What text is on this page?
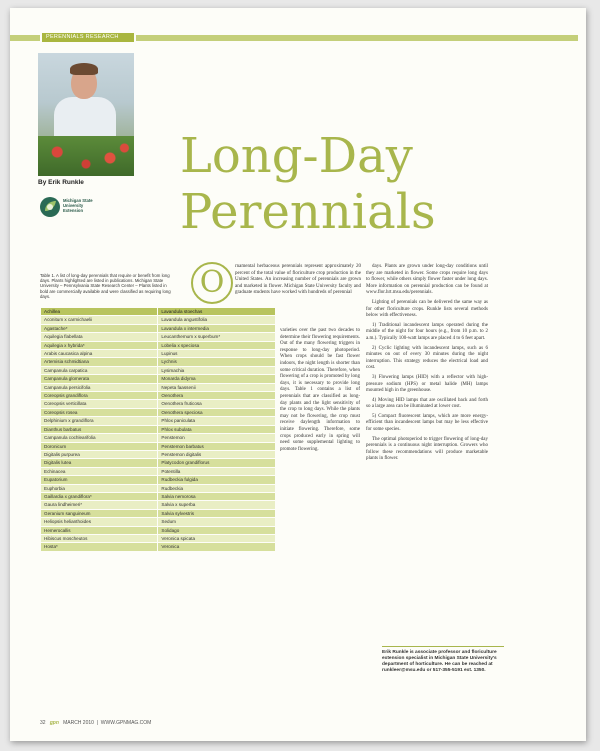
PERENNIALS RESEARCH
By Erik Runkle
Michigan State
University
Extension
Long-Day
Perennials
Table 1. A list of long-day perennials that require or benefit from long days. Plants highlighted are listed in publications. Michigan State University – Pennsylvania State Research Center – Plants listed in bold are commercially available and were classified as requiring long days.
Achillea	Lavandula stoechas
Aconitum x carmichaelii	Lavandula angustifolia
Agastache*	Lavandula x intermedia
Aquilegia flabellata	Leucanthemum x superbum*
Aquilegia x hybrida*	Lobelia x speciosa
Arabis caucasica alpina	Lupinus
Artemisia schmidtiana	Lychnis
Campanula carpatica	Lysimachia
Campanula glomerata	Monarda didyma
Campanula persicifolia	Nepeta faassenii
Coreopsis grandiflora	Oenothera
Coreopsis verticillata	Oenothera fruticosa
Coreopsis rosea	Oenothera speciosa
Delphinium x grandiflora	Phlox paniculata
Dianthus barbatus	Phlox subulata
Campanula cochlearifolia	Penstemon
Doronicum	Penstemon barbatus
Digitalis purpurea	Penstemon digitalis
Digitalis lutea	Platycodon grandiflorus
Echinacea	Potentilla
Eupatorium	Rudbeckia fulgida
Euphorbia	Rudbeckia
Gaillardia x grandiflora*	Salvia nemorosa
Gaura lindheimeri*	Salvia x superba
Geranium sanguineum	Salvia sylvestris
Heliopsis helianthoides	Sedum
Hemerocallis	Solidago
Hibiscus moscheutos	Veronica spicata
Hosta*	Veronica
O	rnamental herbaceous perennials represent approximately 20 percent of the total value of floriculture crop production in the United States. An increasing number of perennials are grown and marketed in flower. Michigan State University faculty and graduate students have worked with hundreds of perennial

varieties over the past two decades to determine their flowering requirements. Out of the many flowering triggers in response to long-day photoperiod. When crops should be fast flower indoors, the night length is shorter than some critical duration. Therefore, when flowering of a crop is promoted by long days, it is necessary to provide long days. Table 1 contains a list of perennials that are classified as long-day plants and the light sensitivity of the crop to long days. While the plants may not be flowering, the crop must receive daylength information to initiate flowering. Therefore, some crops produced early in spring will need some supplemental lighting to promote flowering.

days. Plants are grown under long-day conditions until they are marketed in flower. Some crops require long days to flower, while others simply flower faster under long days. More information on perennial production can be found at www.flor.hrt.msu.edu/perennials.

Lighting of perennials can be delivered the same way as for other floriculture crops. Runkle lists several methods below with effectiveness.

1) Traditional incandescent lamps operated during the middle of the night for four hours (e.g., from 10 p.m. to 2 a.m.). Typically 100-watt lamps are placed 4 to 6 feet apart.

2) Cyclic lighting with incandescent lamps, such as 6 minutes on out of every 30 minutes during the night interruption. This strategy reduces the electrical load and cost.

3) Flowering lamps (HID) with a reflector with high-pressure sodium (HPS) or metal halide (MH) lamps mounted high in the greenhouse.

4) Moving HID lamps that are oscillated back and forth so a large area can be illuminated at lower cost.

5) Compact fluorescent lamps, which are more energy-efficient than incandescent lamps but may be less effective for some species.

The optimal photoperiod to trigger flowering of long-day perennials is a continuous night interruption. Growers who follow these recommendations will produce marketable plants in flower.

Erik Runkle is associate professor and floriculture extension specialist in Michigan State University's department of horticulture. He can be reached at runkleer@msu.edu or 517-355-5191 ext. 1350.
32 gpn MARCH 2010  |  WWW.GPNMAG.COM
